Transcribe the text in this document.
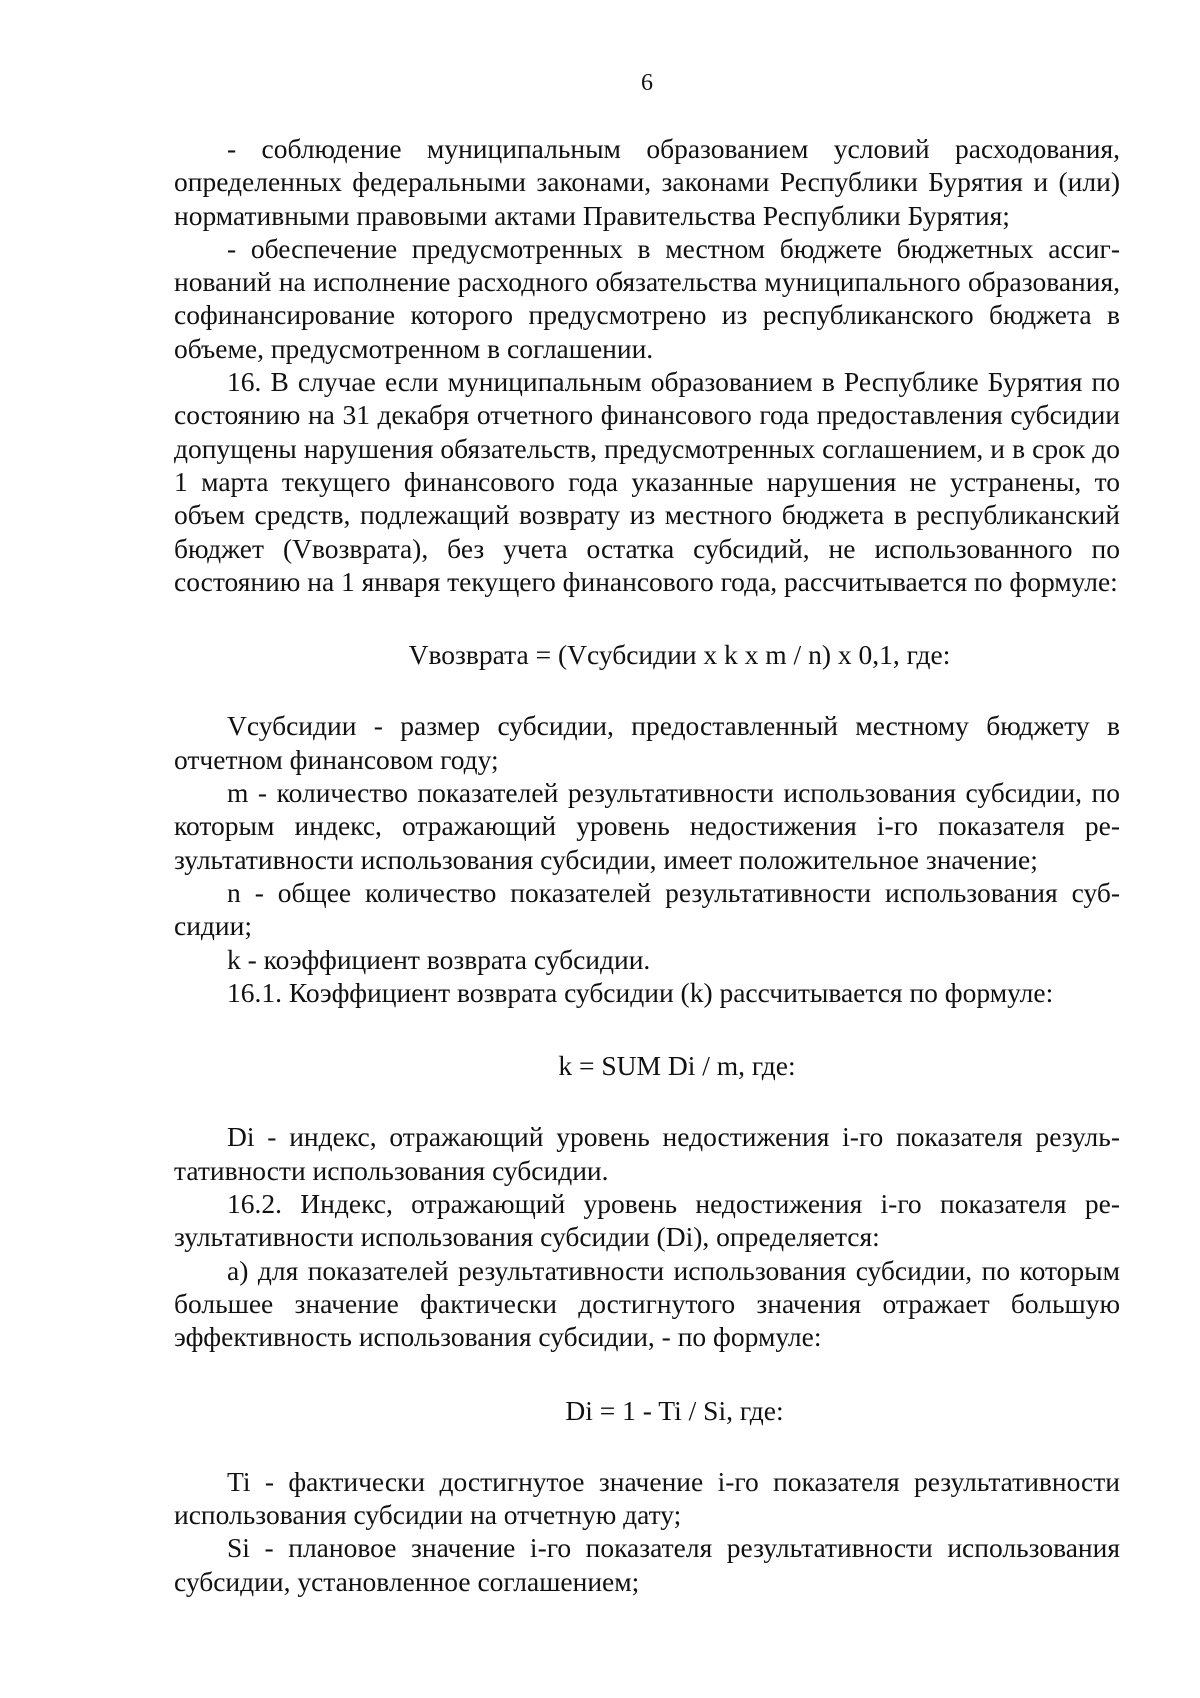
6

- соблюдение муниципальным образованием условий расходования, определенных федеральными законами, законами Республики Бурятия и (или) нормативными правовыми актами Правительства Республики Бурятия;

- обеспечение предусмотренных в местном бюджете бюджетных ассигнований на исполнение расходного обязательства муниципального образования, софинансирование которого предусмотрено из республиканского бюджета в объеме, предусмотренном в соглашении.

16. В случае если муниципальным образованием в Республике Бурятия по состоянию на 31 декабря отчетного финансового года предоставления субсидии допущены нарушения обязательств, предусмотренных соглашением, и в срок до 1 марта текущего финансового года указанные нарушения не устранены, то объем средств, подлежащий возврату из местного бюджета в республиканский бюджет (Vвозврата), без учета остатка субсидий, не использованного по состоянию на 1 января текущего финансового года, рассчитывается по формуле:

Vвозврата = (Vсубсидии x k x m / n) x 0,1, где:

Vсубсидии - размер субсидии, предоставленный местному бюджету в отчетном финансовом году;

m - количество показателей результативности использования субсидии, по которым индекс, отражающий уровень недостижения i-го показателя результативности использования субсидии, имеет положительное значение;

n - общее количество показателей результативности использования субсидии;

k - коэффициент возврата субсидии.

16.1. Коэффициент возврата субсидии (k) рассчитывается по формуле:

k = SUM Di / m, где:

Di - индекс, отражающий уровень недостижения i-го показателя результативности использования субсидии.

16.2. Индекс, отражающий уровень недостижения i-го показателя результативности использования субсидии (Di), определяется:

а) для показателей результативности использования субсидии, по которым большее значение фактически достигнутого значения отражает большую эффективность использования субсидии, - по формуле:

Di = 1 - Ti / Si, где:

Ti - фактически достигнутое значение i-го показателя результативности использования субсидии на отчетную дату;

Si - плановое значение i-го показателя результативности использования субсидии, установленное соглашением;
